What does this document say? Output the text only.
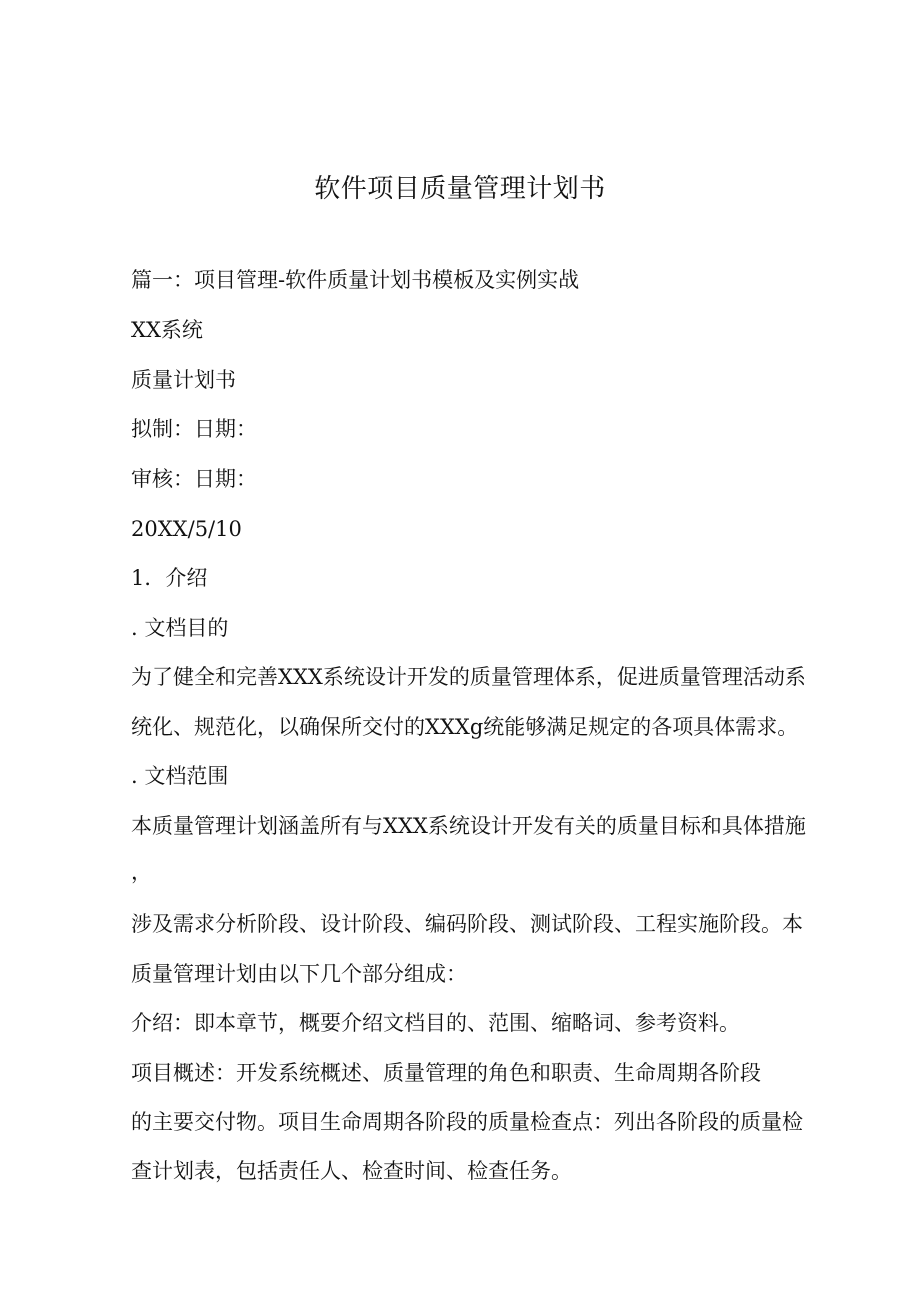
软件项目质量管理计划书

篇一：项目管理-软件质量计划书模板及实例实战

XX系统

质量计划书

拟制：日期：

审核：日期：

20XX/5/10

1．介绍

. 文档目的

为了健全和完善XXX系统设计开发的质量管理体系，促进质量管理活动系

统化、规范化，以确保所交付的XXXg统能够满足规定的各项具体需求。

. 文档范围

本质量管理计划涵盖所有与XXX系统设计开发有关的质量目标和具体措施

，

涉及需求分析阶段、设计阶段、编码阶段、测试阶段、工程实施阶段。本

质量管理计划由以下几个部分组成：

介绍：即本章节，概要介绍文档目的、范围、缩略词、参考资料。

项目概述：开发系统概述、质量管理的角色和职责、生命周期各阶段

的主要交付物。项目生命周期各阶段的质量检查点：列出各阶段的质量检

查计划表，包括责任人、检查时间、检查任务。
